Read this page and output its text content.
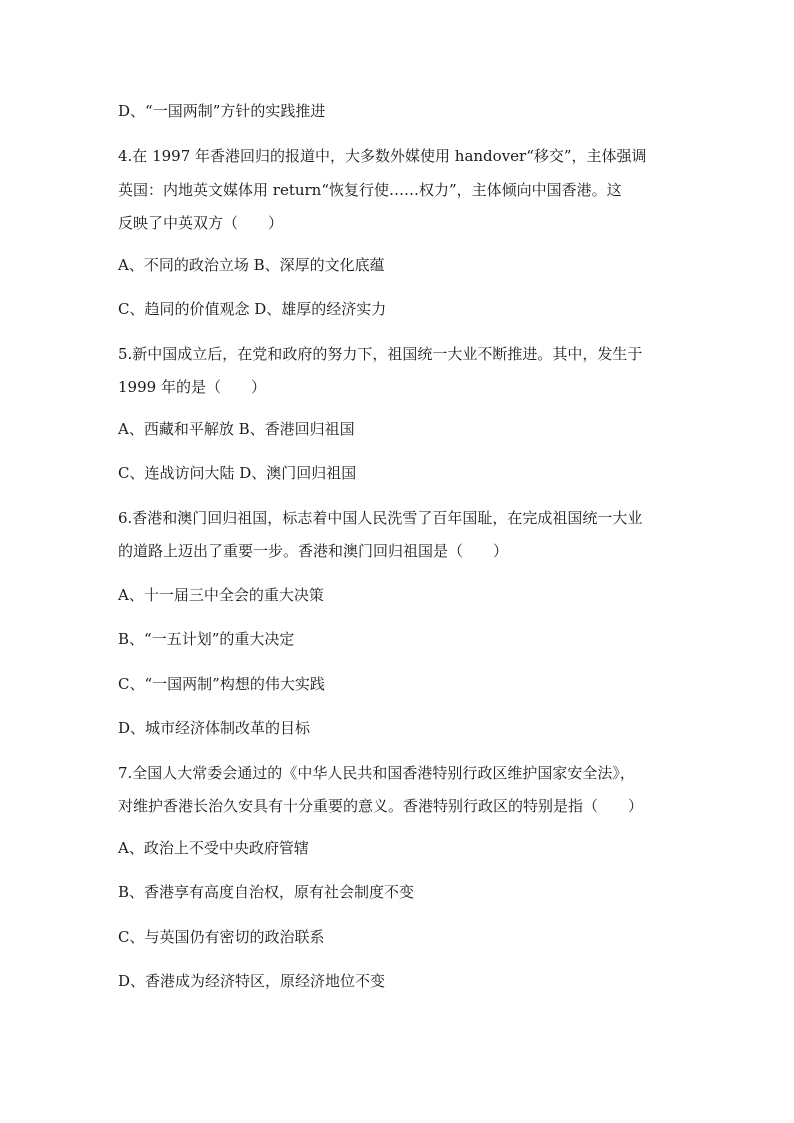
D、“一国两制”方针的实践推进
4.在 1997 年香港回归的报道中，大多数外媒使用 handover“移交”，主体强调
英国：内地英文媒体用 return“恢复行使……权力”，主体倾向中国香港。这
反映了中英双方（　　）
A、不同的政治立场 B、深厚的文化底蕴
C、趋同的价值观念 D、雄厚的经济实力
5.新中国成立后，在党和政府的努力下，祖国统一大业不断推进。其中，发生于
1999 年的是（　　）
A、西藏和平解放 B、香港回归祖国
C、连战访问大陆 D、澳门回归祖国
6.香港和澳门回归祖国，标志着中国人民洗雪了百年国耻，在完成祖国统一大业
的道路上迈出了重要一步。香港和澳门回归祖国是（　　）
A、十一届三中全会的重大决策
B、“一五计划”的重大决定
C、“一国两制”构想的伟大实践
D、城市经济体制改革的目标
7.全国人大常委会通过的《中华人民共和国香港特别行政区维护国家安全法》，
对维护香港长治久安具有十分重要的意义。香港特别行政区的特别是指（　　）
A、政治上不受中央政府管辖
B、香港享有高度自治权，原有社会制度不变
C、与英国仍有密切的政治联系
D、香港成为经济特区，原经济地位不变
